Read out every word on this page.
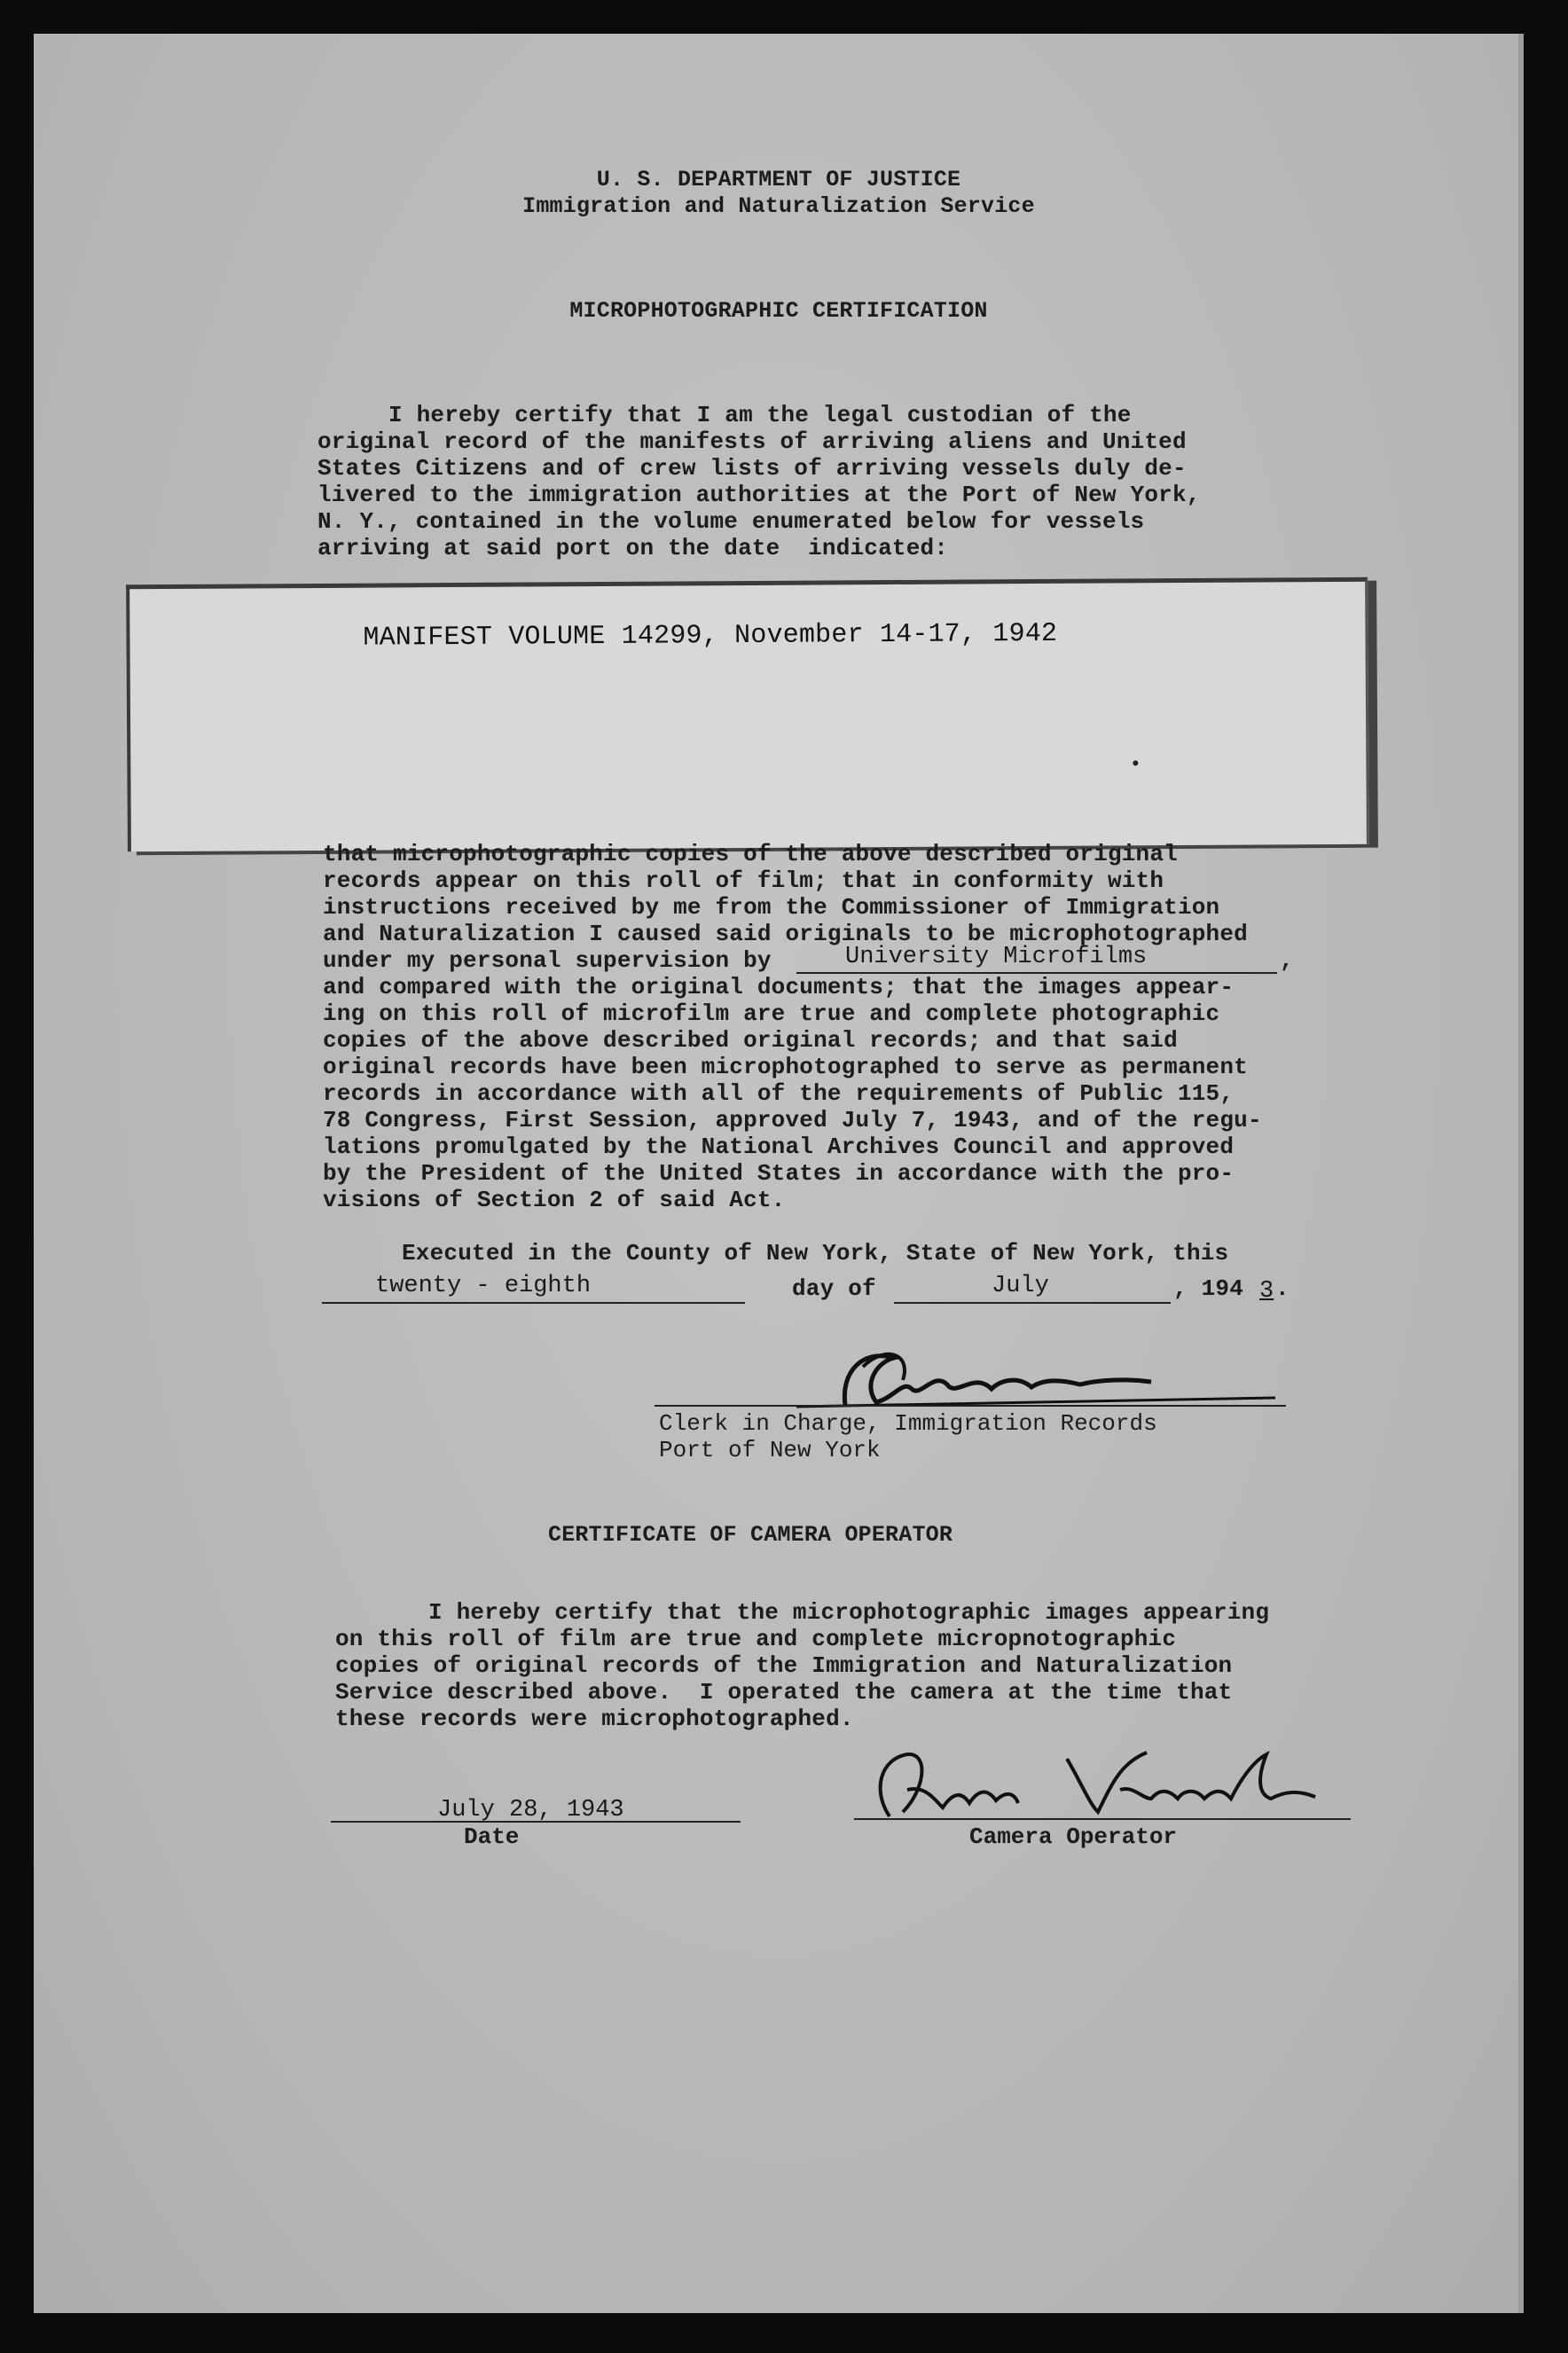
U. S. DEPARTMENT OF JUSTICE

Immigration and Naturalization Service

MICROPHOTOGRAPHIC CERTIFICATION

I hereby certify that I am the legal custodian of the

original record of the manifests of arriving aliens and United

States Citizens and of crew lists of arriving vessels duly de-

livered to the immigration authorities at the Port of New York,

N. Y., contained in the volume enumerated below for vessels

arriving at said port on the date  indicated:

MANIFEST VOLUME 14299, November 14-17, 1942

that microphotographic copies of the above described original

records appear on this roll of film; that in conformity with

instructions received by me from the Commissioner of Immigration

and Naturalization I caused said originals to be microphotographed

under my personal supervision by	University Microfilms	,

and compared with the original documents; that the images appear-

ing on this roll of microfilm are true and complete photographic

copies of the above described original records; and that said

original records have been microphotographed to serve as permanent

records in accordance with all of the requirements of Public 115,

78 Congress, First Session, approved July 7, 1943, and of the regu-

lations promulgated by the National Archives Council and approved

by the President of the United States in accordance with the pro-

visions of Section 2 of said Act.

Executed in the County of New York, State of New York, this

twenty - eighth	day of	July	, 194 3 .
Clerk in Charge, Immigration Records
Port of New York

CERTIFICATE OF CAMERA OPERATOR

I hereby certify that the microphotographic images appearing

on this roll of film are true and complete micropnotographic

copies of original records of the Immigration and Naturalization

Service described above.  I operated the camera at the time that

these records were microphotographed.

July 28, 1943
Date	Camera Operator
